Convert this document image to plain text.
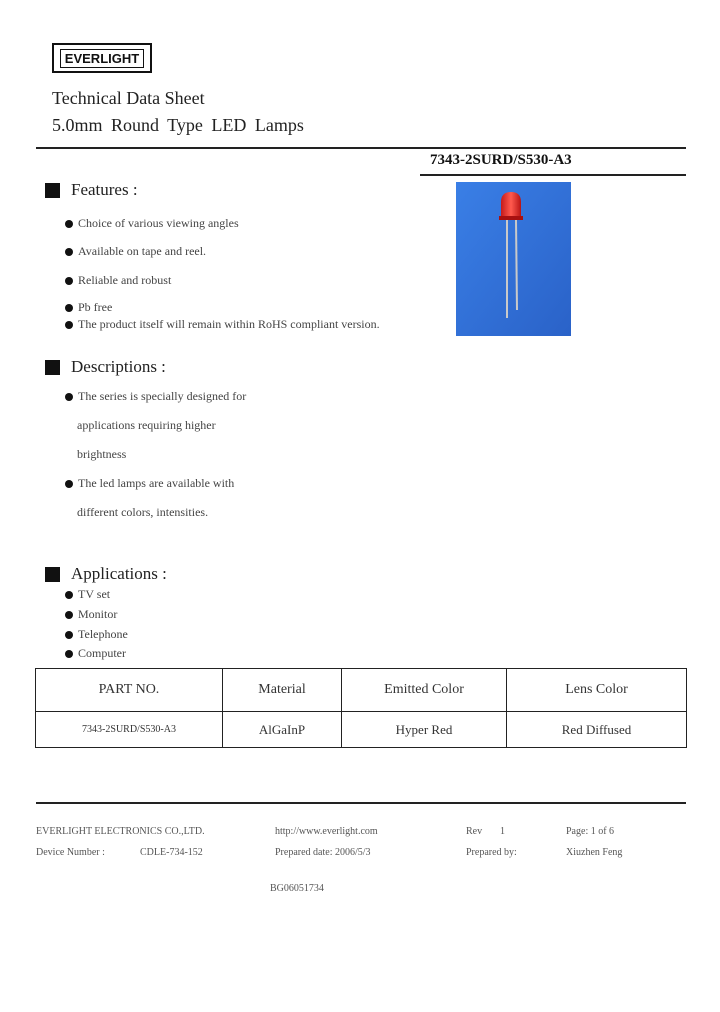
EVERLIGHT
Technical Data Sheet
5.0mm Round Type LED Lamps
7343-2SURD/S530-A3
Features :
Choice of various viewing angles
Available on tape and reel.
Reliable and robust
Pb free
The product itself will remain within RoHS compliant version.
Descriptions :
The series is specially designed for
applications requiring higher
brightness
The led lamps are available with
different colors, intensities.
Applications :
TV set
Monitor
Telephone
Computer
PART NO.	Material	Emitted Color	Lens Color
7343-2SURD/S530-A3	AlGaInP	Hyper Red	Red Diffused
EVERLIGHT ELECTRONICS CO.,LTD.	http://www.everlight.com	Rev 1	Page: 1 of 6
Device Number :	CDLE-734-152	Prepared date: 2006/5/3	Prepared by:	Xiuzhen Feng
BG06051734
